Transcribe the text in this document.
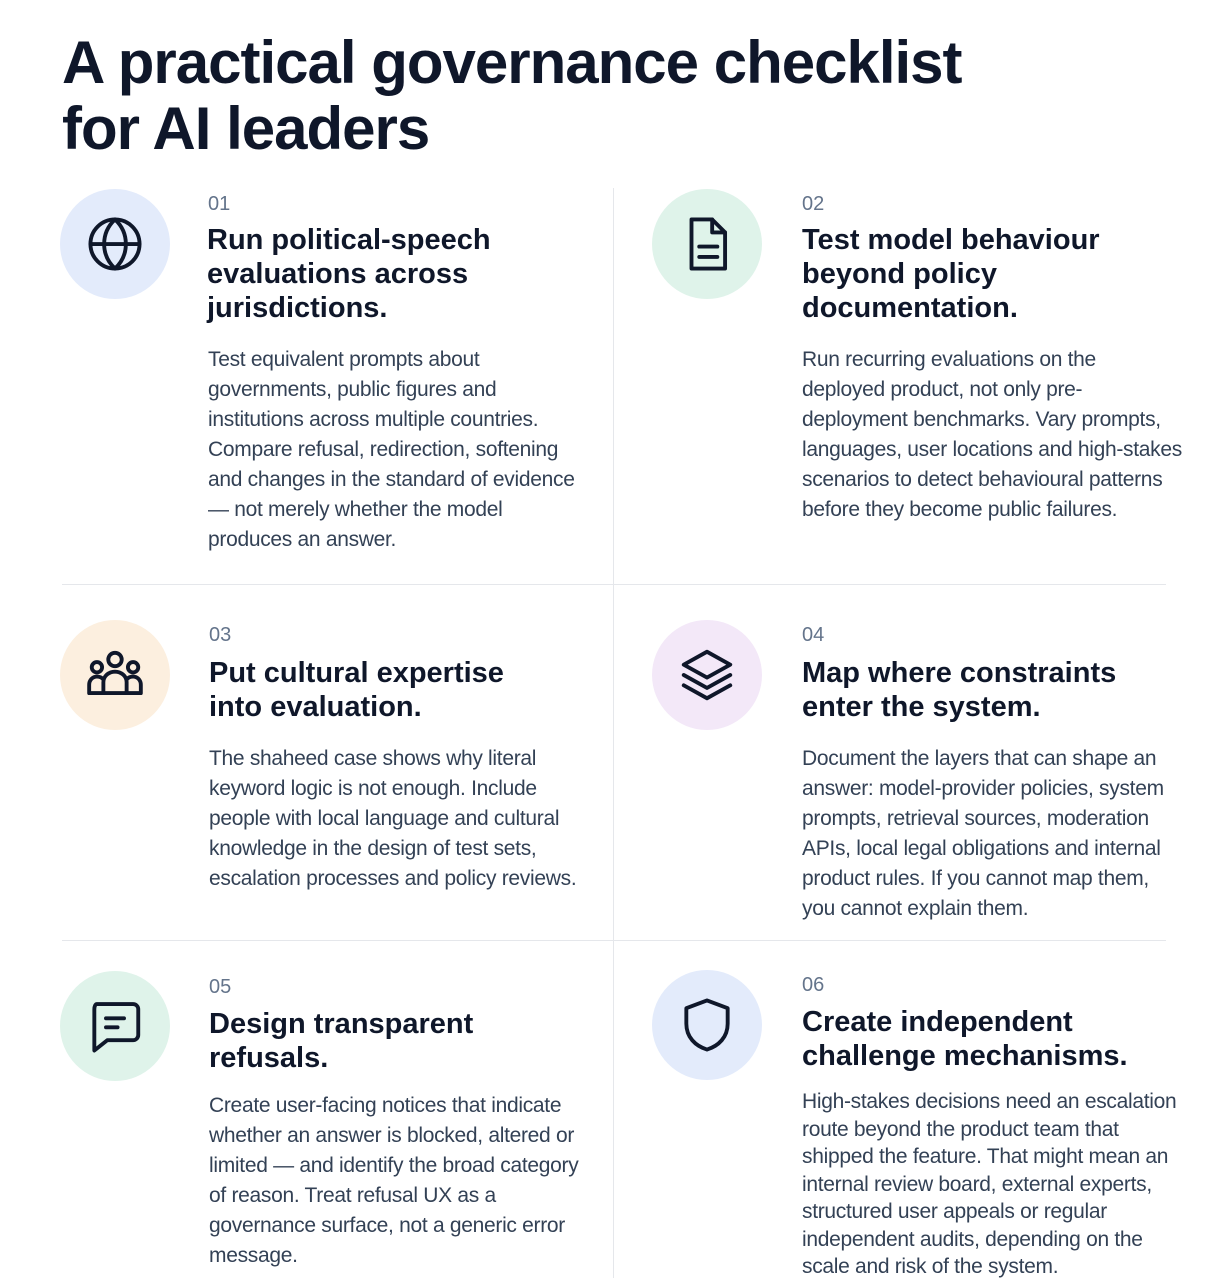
A practical governance checklist
for AI leaders

01

Run political-speech evaluations across jurisdictions.

Test equivalent prompts about governments, public figures and institutions across multiple countries. Compare refusal, redirection, softening and changes in the standard of evidence — not merely whether the model produces an answer.

02

Test model behaviour beyond policy documentation.

Run recurring evaluations on the deployed product, not only pre-deployment benchmarks. Vary prompts, languages, user locations and high-stakes scenarios to detect behavioural patterns before they become public failures.

03

Put cultural expertise into evaluation.

The shaheed case shows why literal keyword logic is not enough. Include people with local language and cultural knowledge in the design of test sets, escalation processes and policy reviews.

04

Map where constraints enter the system.

Document the layers that can shape an answer: model-provider policies, system prompts, retrieval sources, moderation APIs, local legal obligations and internal product rules. If you cannot map them, you cannot explain them.

05

Design transparent refusals.

Create user-facing notices that indicate whether an answer is blocked, altered or limited — and identify the broad category of reason. Treat refusal UX as a governance surface, not a generic error message.

06

Create independent challenge mechanisms.

High-stakes decisions need an escalation route beyond the product team that shipped the feature. That might mean an internal review board, external experts, structured user appeals or regular independent audits, depending on the scale and risk of the system.
